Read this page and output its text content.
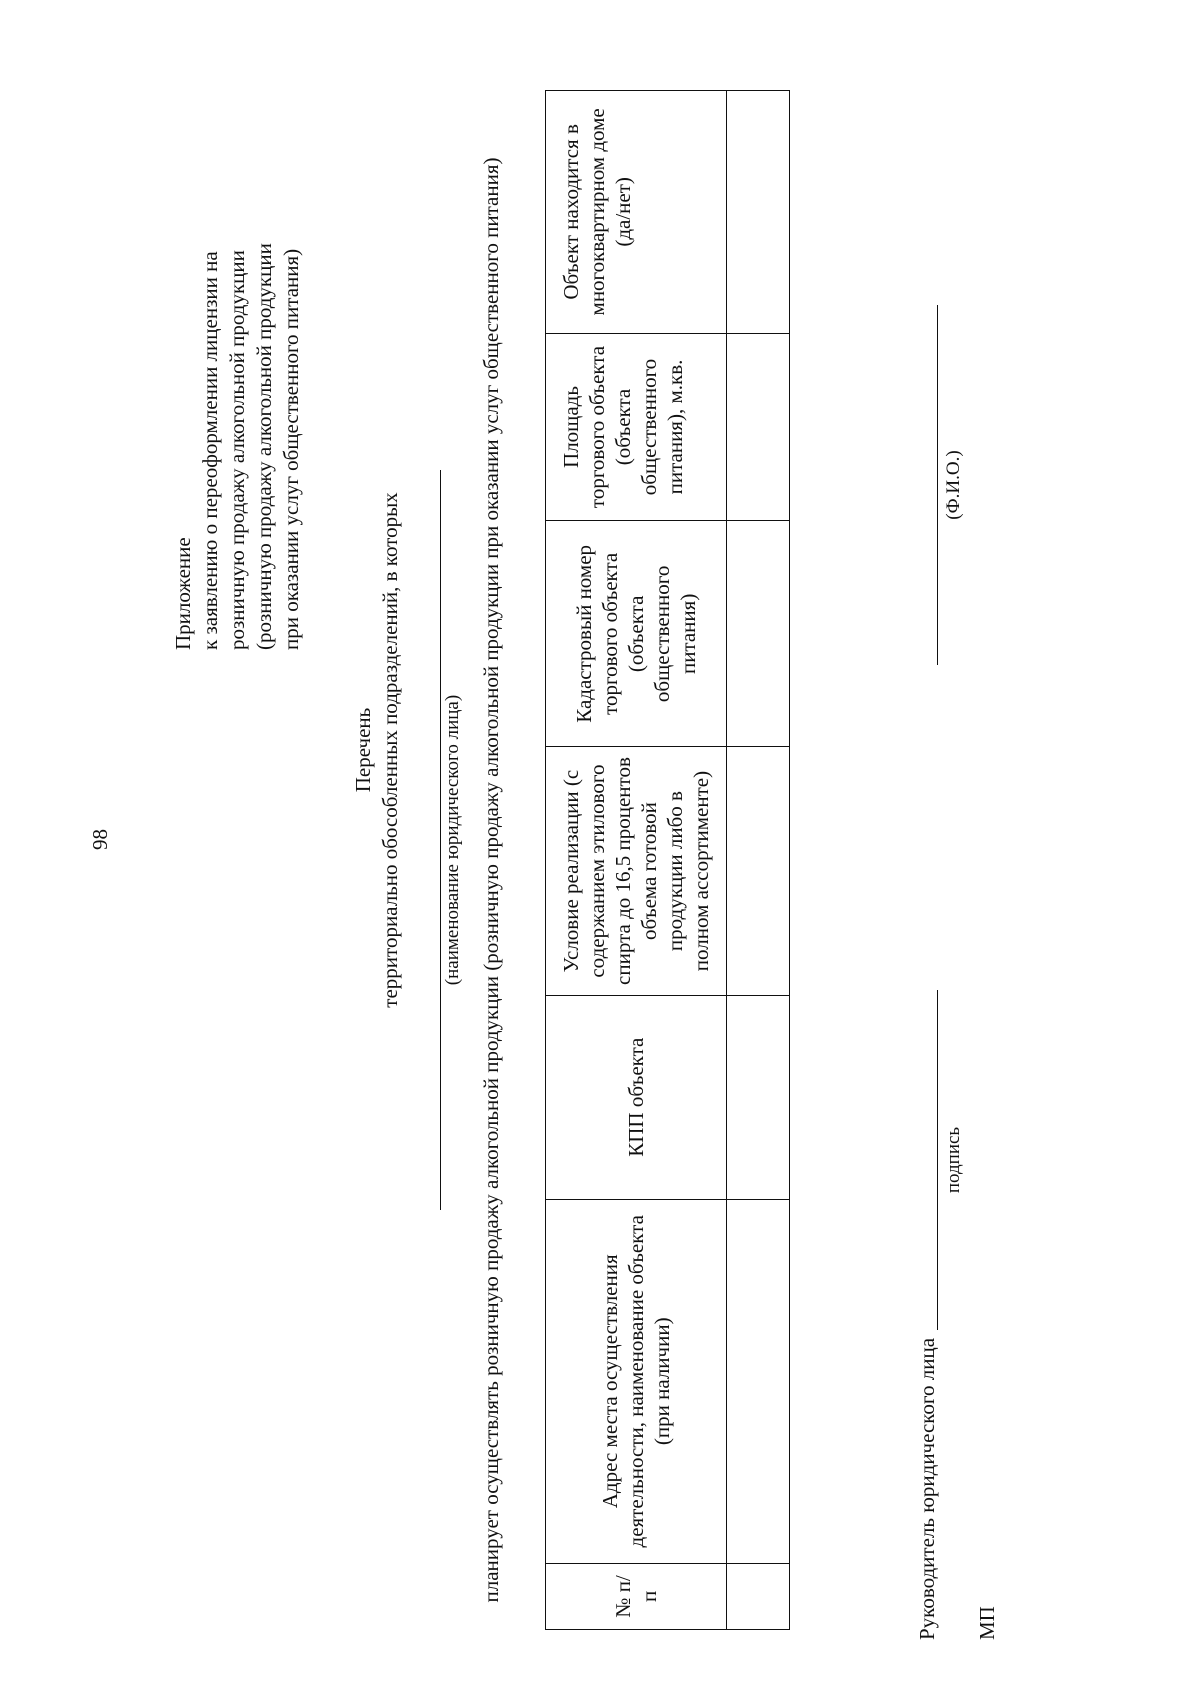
98
Приложение к заявлению о переоформлении лицензии на розничную продажу алкогольной продукции (розничную продажу алкогольной продукции при оказании услуг общественного питания)
Перечень территориально обособленных подразделений, в которых (наименование юридического лица) планирует осуществлять розничную продажу алкогольной продукции (розничную продажу алкогольной продукции при оказании услуг общественного питания)	№ п/п	Адрес места осуществления деятельности, наименование объекта (при наличии)	КПП объекта	Условие реализации (с содержанием этилового спирта до 16,5 процентов объема готовой продукции либо в полном ассортименте)	Кадастровый номер торгового объекта (объекта общественного питания)	Площадь торгового объекта (объекта общественного питания), м.кв.	Объект находится в многоквартирном доме (да/нет)

Руководитель юридического лица
подпись
(Ф.И.О.)
МП
